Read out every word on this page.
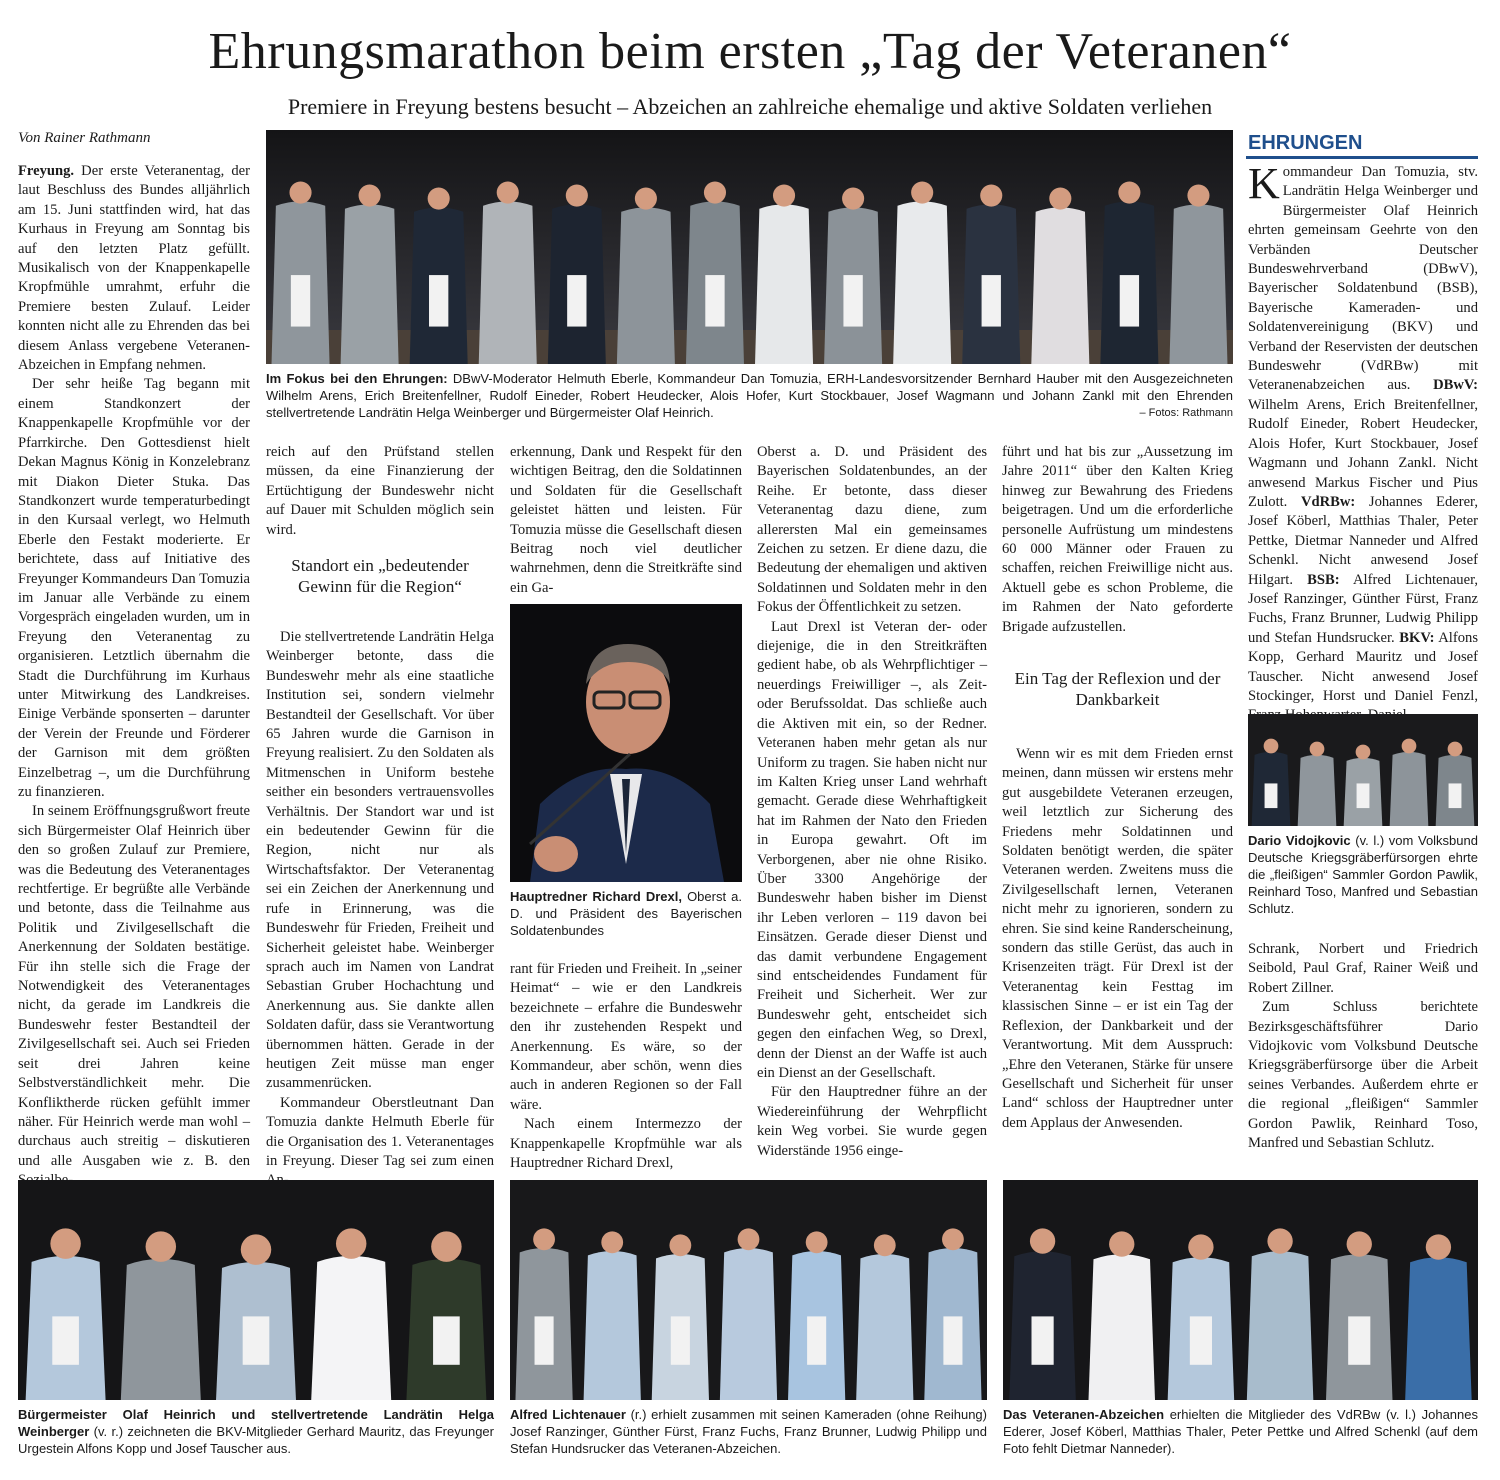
Ehrungsmarathon beim ersten „Tag der Veteranen“
Premiere in Freyung bestens besucht – Abzeichen an zahlreiche ehemalige und aktive Soldaten verliehen
Von Rainer Rathmann

Freyung. Der erste Veteranentag, der laut Beschluss des Bundes alljährlich am 15. Juni stattfinden wird, hat das Kurhaus in Freyung am Sonntag bis auf den letzten Platz gefüllt. Musikalisch von der Knappenkapelle Kropfmühle umrahmt, erfuhr die Premiere besten Zulauf. Leider konnten nicht alle zu Ehrenden das bei diesem Anlass vergebene Veteranen-Abzeichen in Empfang nehmen.

Der sehr heiße Tag begann mit einem Standkonzert der Knappenkapelle Kropfmühle vor der Pfarrkirche. Den Gottesdienst hielt Dekan Magnus König in Konzelebranz mit Diakon Dieter Stuka. Das Standkonzert wurde temperaturbedingt in den Kursaal verlegt, wo Helmuth Eberle den Festakt moderierte. Er berichtete, dass auf Initiative des Freyunger Kommandeurs Dan Tomuzia im Januar alle Verbände zu einem Vorgespräch eingeladen wurden, um in Freyung den Veteranentag zu organisieren. Letztlich übernahm die Stadt die Durchführung im Kurhaus unter Mitwirkung des Landkreises. Einige Verbände sponserten – darunter der Verein der Freunde und Förderer der Garnison mit dem größten Einzelbetrag –, um die Durchführung zu finanzieren.

In seinem Eröffnungsgrußwort freute sich Bürgermeister Olaf Heinrich über den so großen Zulauf zur Premiere, was die Bedeutung des Veteranentages rechtfertige. Er begrüßte alle Verbände und betonte, dass die Teilnahme aus Politik und Zivilgesellschaft die Anerkennung der Soldaten bestätige. Für ihn stelle sich die Frage der Notwendigkeit des Veteranentages nicht, da gerade im Landkreis die Bundeswehr fester Bestandteil der Zivilgesellschaft sei. Auch sei Frieden seit drei Jahren keine Selbstverständlichkeit mehr. Die Konfliktherde rücken gefühlt immer näher. Für Heinrich werde man wohl – durchaus auch streitig – diskutieren und alle Ausgaben wie z. B. den

Im Fokus bei den Ehrungen: DBwV-Moderator Helmuth Eberle, Kommandeur Dan Tomuzia, ERH-Landesvorsitzender Bernhard Hauber mit den Ausgezeichneten Wilhelm Arens, Erich Breitenfellner, Rudolf Eineder, Robert Heudecker, Alois Hofer, Kurt Stockbauer, Josef Wagmann und Johann Zankl mit den Ehrenden stellvertretende Landrätin Helga Weinberger und Bürgermeister Olaf Heinrich.	– Fotos: Rathmann

reich auf den Prüfstand stellen müssen, da eine Finanzierung der Ertüchtigung der Bundeswehr nicht auf Dauer mit Schulden möglich sein wird.

Standort ein „bedeutender Gewinn für die Region“

Die stellvertretende Landrätin Helga Weinberger betonte, dass die Bundeswehr mehr als eine staatliche Institution sei, sondern vielmehr Bestandteil der Gesellschaft. Vor über 65 Jahren wurde die Garnison in Freyung realisiert. Zu den Soldaten als Mitmenschen in Uniform bestehe seither ein besonders vertrauensvolles Verhältnis. Der Standort war und ist ein bedeutender Gewinn für die Region, nicht nur als Wirtschaftsfaktor. Der Veteranentag sei ein Zeichen der Anerkennung und rufe in Erinnerung, was die Bundeswehr für Frieden, Freiheit und Sicherheit geleistet habe. Weinberger sprach auch im Namen von Landrat Sebastian Gruber Hochachtung und Anerkennung aus. Sie dankte allen Soldaten dafür, dass sie Verantwortung übernommen hätten. Gerade in der heutigen Zeit müsse man enger zusammenrücken.

Kommandeur Oberstleutnant Dan Tomuzia dankte Helmuth Eberle für die Organisation des 1. Veteranentages in Freyung. Dieser Tag sei zum einen

erkennung, Dank und Respekt für den wichtigen Beitrag, den die Soldatinnen und Soldaten für die Gesellschaft geleistet hätten und leisten. Für Tomuzia müsse die Gesellschaft diesen Beitrag noch viel deutlicher wahrnehmen, denn die Streitkräfte sind ein Ga-

Hauptredner Richard Drexl, Oberst a. D. und Präsident des Bayerischen Soldatenbundes

rant für Frieden und Freiheit. In „seiner Heimat“ – wie er den Landkreis bezeichnete – erfahre die Bundeswehr den ihr zustehenden Respekt und Anerkennung. Es wäre, so der Kommandeur, aber schön, wenn dies auch in anderen Regionen so der Fall wäre.

Nach einem Intermezzo der Knappenkapelle Kropfmühle war als Hauptredner Richard Drexl,

Oberst a. D. und Präsident des Bayerischen Soldatenbundes, an der Reihe. Er betonte, dass dieser Veteranentag dazu diene, zum allerersten Mal ein gemeinsames Zeichen zu setzen. Er diene dazu, die Bedeutung der ehemaligen und aktiven Soldatinnen und Soldaten mehr in den Fokus der Öffentlichkeit zu setzen.

Laut Drexl ist Veteran der- oder diejenige, die in den Streitkräften gedient habe, ob als Wehrpflichtiger – neuerdings Freiwilliger –, als Zeit- oder Berufssoldat. Das schließe auch die Aktiven mit ein, so der Redner. Veteranen haben mehr getan als nur Uniform zu tragen. Sie haben nicht nur im Kalten Krieg unser Land wehrhaft gemacht. Gerade diese Wehrhaftigkeit hat im Rahmen der Nato den Frieden in Europa gewahrt. Oft im Verborgenen, aber nie ohne Risiko. Über 3300 Angehörige der Bundeswehr haben bisher im Dienst ihr Leben verloren – 119 davon bei Einsätzen. Gerade dieser Dienst und das damit verbundene Engagement sind entscheidendes Fundament für Freiheit und Sicherheit. Wer zur Bundeswehr geht, entscheidet sich gegen den einfachen Weg, so Drexl, denn der Dienst an der Waffe ist auch ein Dienst an der Gesellschaft.

Für den Hauptredner führe an der Wiedereinführung der Wehrpflicht kein Weg vorbei. Sie wurde gegen Widerstände 1956 einge-

führt und hat bis zur „Aussetzung im Jahre 2011“ über den Kalten Krieg hinweg zur Bewahrung des Friedens beigetragen. Und um die erforderliche personelle Aufrüstung um mindestens 60 000 Männer oder Frauen zu schaffen, reichen Freiwillige nicht aus. Aktuell gebe es schon Probleme, die im Rahmen der Nato geforderte Brigade aufzustellen.

Ein Tag der Reflexion und der Dankbarkeit

Wenn wir es mit dem Frieden ernst meinen, dann müssen wir erstens mehr gut ausgebildete Veteranen erzeugen, weil letztlich zur Sicherung des Friedens mehr Soldatinnen und Soldaten benötigt werden, die später Veteranen werden. Zweitens muss die Zivilgesellschaft lernen, Veteranen nicht mehr zu ignorieren, sondern zu ehren. Sie sind keine Randerscheinung, sondern das stille Gerüst, das auch in Krisenzeiten trägt. Für Drexl ist der Veteranentag kein Festtag im klassischen Sinne – er ist ein Tag der Reflexion, der Dankbarkeit und der Verantwortung. Mit dem Ausspruch: „Ehre den Veteranen, Stärke für unsere Gesellschaft und Sicherheit für unser Land“ schloss der Hauptredner unter dem Applaus der Anwesenden.

EHRUNGEN

Kommandeur Dan Tomuzia, stv. Landrätin Helga Weinberger und Bürgermeister Olaf Heinrich ehrten gemeinsam Geehrte von den Verbänden Deutscher Bundeswehrverband (DBwV), Bayerischer Soldatenbund (BSB), Bayerische Kameraden- und Soldatenvereinigung (BKV) und Verband der Reservisten der deutschen Bundeswehr (VdRBw) mit Veteranenabzeichen aus. DBwV: Wilhelm Arens, Erich Breitenfellner, Rudolf Eineder, Robert Heudecker, Alois Hofer, Kurt Stockbauer, Josef Wagmann und Johann Zankl. Nicht anwesend Markus Fischer und Pius Zulott. VdRBw: Johannes Ederer, Josef Köberl, Matthias Thaler, Peter Pettke, Dietmar Nanneder und Alfred Schenkl. Nicht anwesend Josef Hilgart. BSB: Alfred Lichtenauer, Josef Ranzinger, Günther Fürst, Franz Fuchs, Franz Brunner, Ludwig Philipp und Stefan Hundsrucker. BKV: Alfons Kopp, Gerhard Mauritz und Josef Tauscher. Nicht anwesend Josef Stockinger, Horst und Daniel Fenzl,

Dario Vidojkovic (v. l.) vom Volksbund Deutsche Kriegsgräberfürsorgen ehrte die „fleißigen“ Sammler Gordon Pawlik, Reinhard Toso, Manfred und Sebastian Schlutz.

Schrank, Norbert und Friedrich Seibold, Paul Graf, Rainer Weiß und Robert Zillner.

Zum Schluss berichtete Bezirksgeschäftsführer Dario Vidojkovic vom Volksbund Deutsche Kriegsgräberfürsorge über die Arbeit seines Verbandes. Außerdem ehrte er die regional „fleißigen“ Sammler Gordon Pawlik, Reinhard Toso, Manfred und Sebastian Schlutz.

Bürgermeister Olaf Heinrich und stellvertretende Landrätin Helga Weinberger (v. r.) zeichneten die BKV-Mitglieder Gerhard Mauritz, das Freyunger Urgestein Alfons Kopp und Josef Tauscher aus.
Alfred Lichtenauer (r.) erhielt zusammen mit seinen Kameraden (ohne Reihung) Josef Ranzinger, Günther Fürst, Franz Fuchs, Franz Brunner, Ludwig Philipp und Stefan Hundsrucker das Veteranen-Abzeichen.
Das Veteranen-Abzeichen erhielten die Mitglieder des VdRBw (v. l.) Johannes Ederer, Josef Köberl, Matthias Thaler, Peter Pettke und Alfred Schenkl (auf dem Foto fehlt Dietmar Nanneder).
